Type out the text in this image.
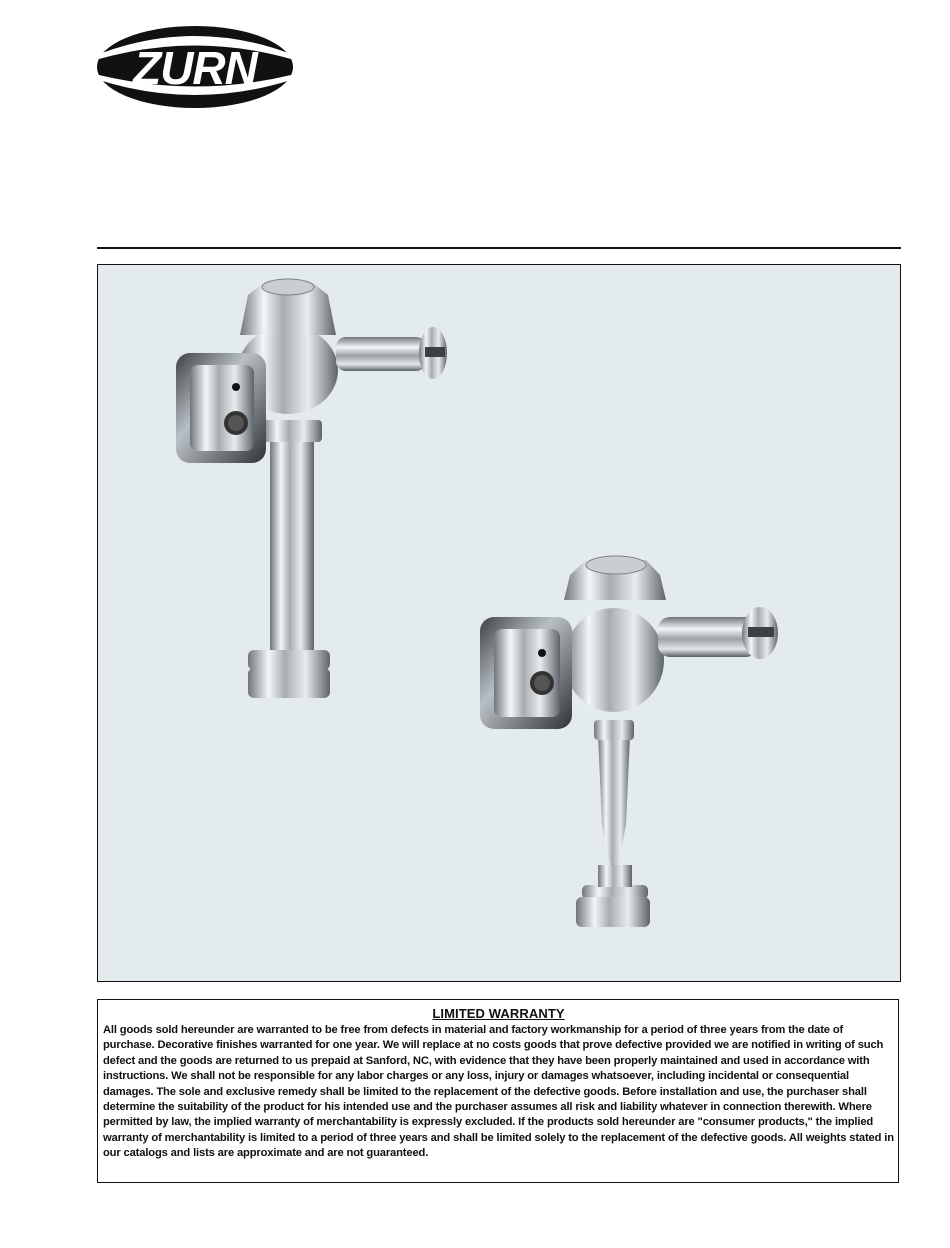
ZURN
LIMITED WARRANTY

All goods sold hereunder are warranted to be free from defects in material and factory workmanship for a period of three years from the date of purchase. Decorative finishes warranted for one year. We will replace at no costs goods that prove defective provided we are notified in writing of such defect and the goods are returned to us prepaid at Sanford, NC, with evidence that they have been properly maintained and used in accordance with instructions. We shall not be responsible for any labor charges or any loss, injury or damages whatsoever, including incidental or consequential damages. The sole and exclusive remedy shall be limited to the replacement of the defective goods. Before installation and use, the purchaser shall determine the suitability of the product for his intended use and the purchaser assumes all risk and liability whatever in connection therewith. Where permitted by law, the implied warranty of merchantability is expressly excluded. If the products sold hereunder are "consumer products," the implied warranty of merchantability is limited to a period of three years and shall be limited solely to the replacement of the defective goods. All weights stated in our catalogs and lists are approximate and are not guaranteed.
